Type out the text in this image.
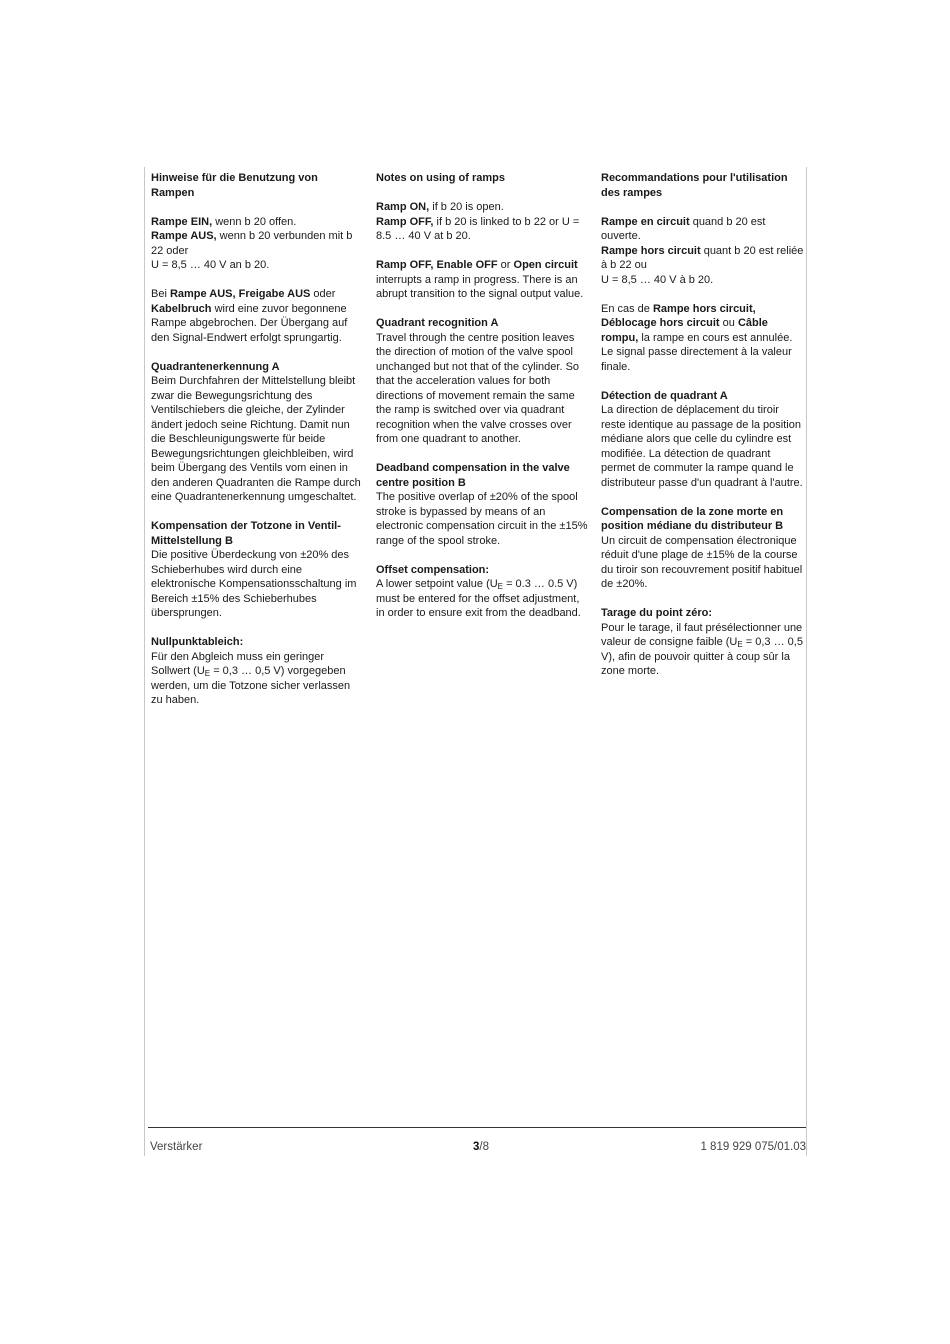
Hinweise für die Benutzung von Rampen

Rampe EIN, wenn b 20 offen.

Rampe AUS, wenn b 20 verbunden mit b 22 oder

U = 8,5 … 40 V an b 20.

Bei Rampe AUS, Freigabe AUS oder Kabelbruch wird eine zuvor begonnene Rampe abgebrochen. Der Übergang auf den Signal-Endwert erfolgt sprungartig.

Quadrantenerkennung A

Beim Durchfahren der Mittelstellung bleibt zwar die Bewegungsrichtung des Ventilschiebers die gleiche, der Zylinder ändert jedoch seine Richtung. Damit nun die Beschleunigungswerte für beide Bewegungsrichtungen gleichbleiben, wird beim Übergang des Ventils vom einen in den anderen Quadranten die Rampe durch eine Quadrantenerkennung umgeschaltet.

Kompensation der Totzone in Ventil-Mittelstellung B

Die positive Überdeckung von ±20% des Schieberhubes wird durch eine elektronische Kompensationsschaltung im Bereich ±15% des Schieberhubes übersprungen.

Nullpunktableich:

Für den Abgleich muss ein geringer Sollwert ($U_E = 0,3$ … 0,5 V) vorgegeben werden, um die Totzone sicher verlassen zu haben.

Notes on using of ramps

Ramp ON, if b 20 is open.

Ramp OFF, if b 20 is linked to b 22 or U = 8.5 … 40 V at b 20.

Ramp OFF, Enable OFF or Open circuit interrupts a ramp in progress. There is an abrupt transition to the signal output value.

Quadrant recognition A

Travel through the centre position leaves the direction of motion of the valve spool unchanged but not that of the cylinder. So that the acceleration values for both directions of movement remain the same the ramp is switched over via quadrant recognition when the valve crosses over from one quadrant to another.

Deadband compensation in the valve centre position B

The positive overlap of ±20% of the spool stroke is bypassed by means of an electronic compensation circuit in the ±15% range of the spool stroke.

Offset compensation:

A lower setpoint value ($U_E = 0.3$ … 0.5 V) must be entered for the offset adjustment, in order to ensure exit from the deadband.

Recommandations pour l'utilisation des rampes

Rampe en circuit quand b 20 est ouverte.

Rampe hors circuit quant b 20 est reliée à b 22 ou

U = 8,5 … 40 V à b 20.

En cas de Rampe hors circuit, Déblocage hors circuit ou Câble rompu, la rampe en cours est annulée. Le signal passe directement à la valeur finale.

Détection de quadrant A

La direction de déplacement du tiroir reste identique au passage de la position médiane alors que celle du cylindre est modifiée. La détection de quadrant permet de commuter la rampe quand le distributeur passe d'un quadrant à l'autre.

Compensation de la zone morte en position médiane du distributeur B

Un circuit de compensation électronique réduit d'une plage de ±15% de la course du tiroir son recouvrement positif habituel de ±20%.

Tarage du point zéro:

Pour le tarage, il faut présélectionner une valeur de consigne faible ($U_E = 0,3$ … 0,5 V), afin de pouvoir quitter à coup sûr la zone morte.

Verstärker	3/8	1 819 929 075/01.03
